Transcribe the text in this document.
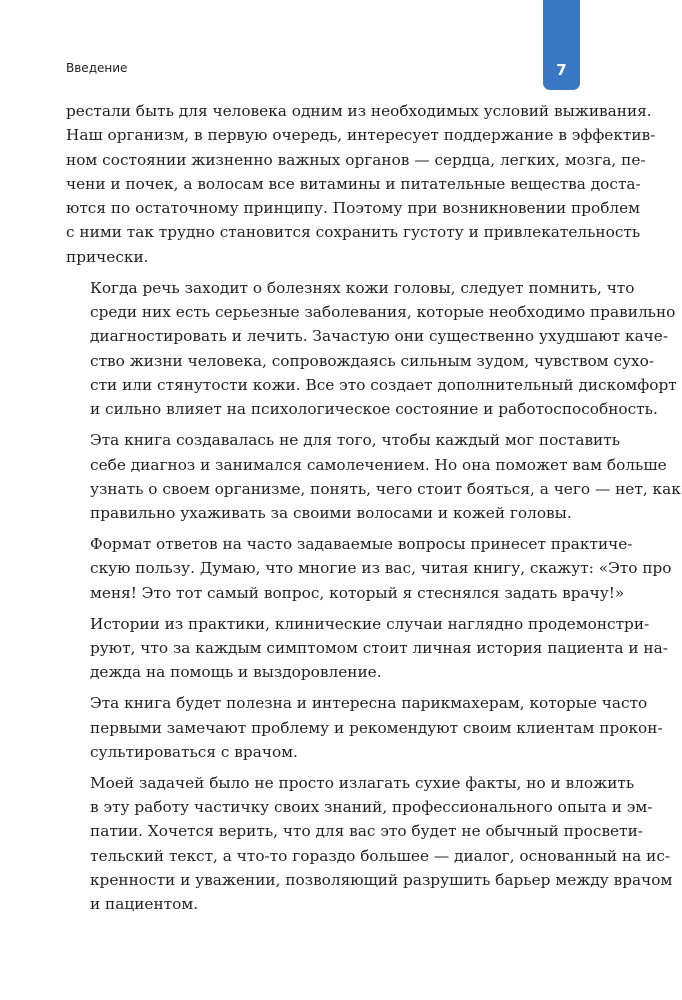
7
Введение

рестали быть для человека одним из необходимых условий выживания.
Наш организм, в первую очередь, интересует поддержание в эффектив-
ном состоянии жизненно важных органов — сердца, легких, мозга, пе-
чени и почек, а волосам все витамины и питательные вещества доста-
ются по остаточному принципу. Поэтому при возникновении проблем
с ними так трудно становится сохранить густоту и привлекательность
прически.

Когда речь заходит о болезнях кожи головы, следует помнить, что
среди них есть серьезные заболевания, которые необходимо правильно
диагностировать и лечить. Зачастую они существенно ухудшают каче-
ство жизни человека, сопровождаясь сильным зудом, чувством сухо-
сти или стянутости кожи. Все это создает дополнительный дискомфорт
и сильно влияет на психологическое состояние и работоспособность.

Эта книга создавалась не для того, чтобы каждый мог поставить
себе диагноз и занимался самолечением. Но она поможет вам больше
узнать о своем организме, понять, чего стоит бояться, а чего — нет, как
правильно ухаживать за своими волосами и кожей головы.

Формат ответов на часто задаваемые вопросы принесет практиче-
скую пользу. Думаю, что многие из вас, читая книгу, скажут: «Это про
меня! Это тот самый вопрос, который я стеснялся задать врачу!»

Истории из практики, клинические случаи наглядно продемонстри-
руют, что за каждым симптомом стоит личная история пациента и на-
дежда на помощь и выздоровление.

Эта книга будет полезна и интересна парикмахерам, которые часто
первыми замечают проблему и рекомендуют своим клиентам прокон-
сультироваться с врачом.

Моей задачей было не просто излагать сухие факты, но и вложить
в эту работу частичку своих знаний, профессионального опыта и эм-
патии. Хочется верить, что для вас это будет не обычный просвети-
тельский текст, а что-то гораздо большее — диалог, основанный на ис-
кренности и уважении, позволяющий разрушить барьер между врачом
и пациентом.
